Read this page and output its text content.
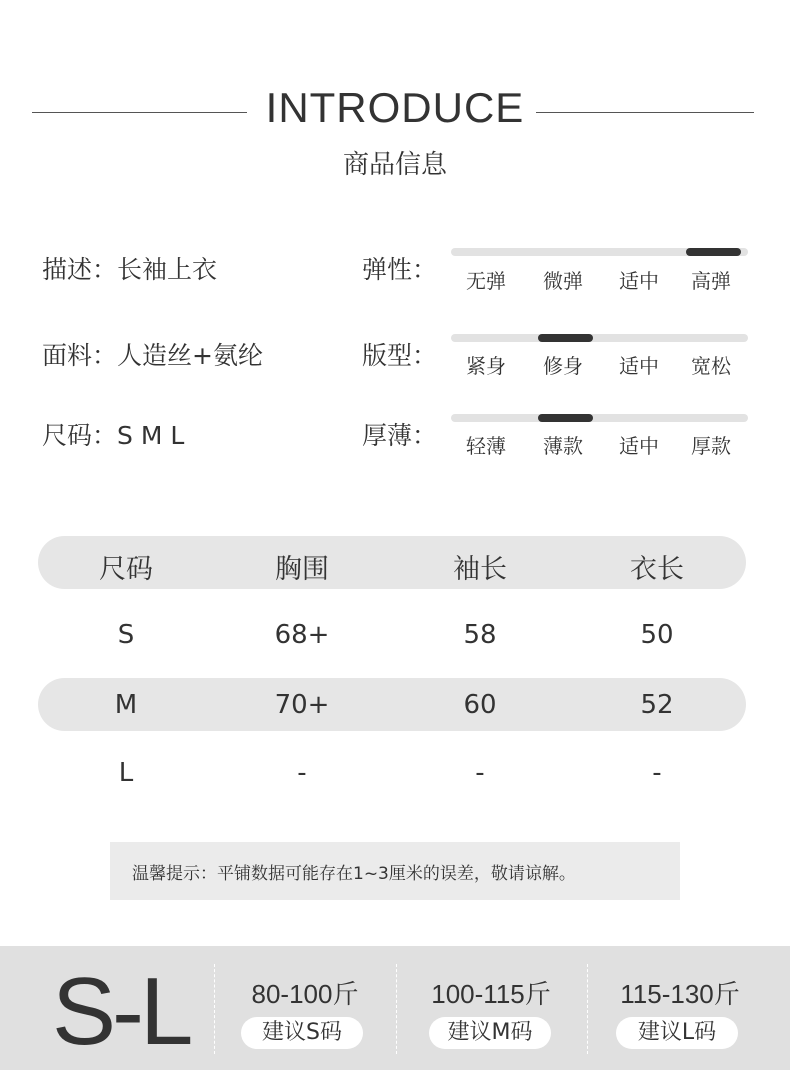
INTRODUCE
商品信息
描述：长袖上衣
面料：人造丝+氨纶
尺码：S M L
弹性：	无弹	微弹	适中	高弹
版型：	紧身	修身	适中	宽松
厚薄：	轻薄	薄款	适中	厚款
尺码	胸围	袖长	衣长
S	68+	58	50
M	70+	60	52
L	-	-	-
温馨提示：平铺数据可能存在1~3厘米的误差，敬请谅解。
S-L	80-100斤
建议S码
100-115斤
建议M码
115-130斤
建议L码
